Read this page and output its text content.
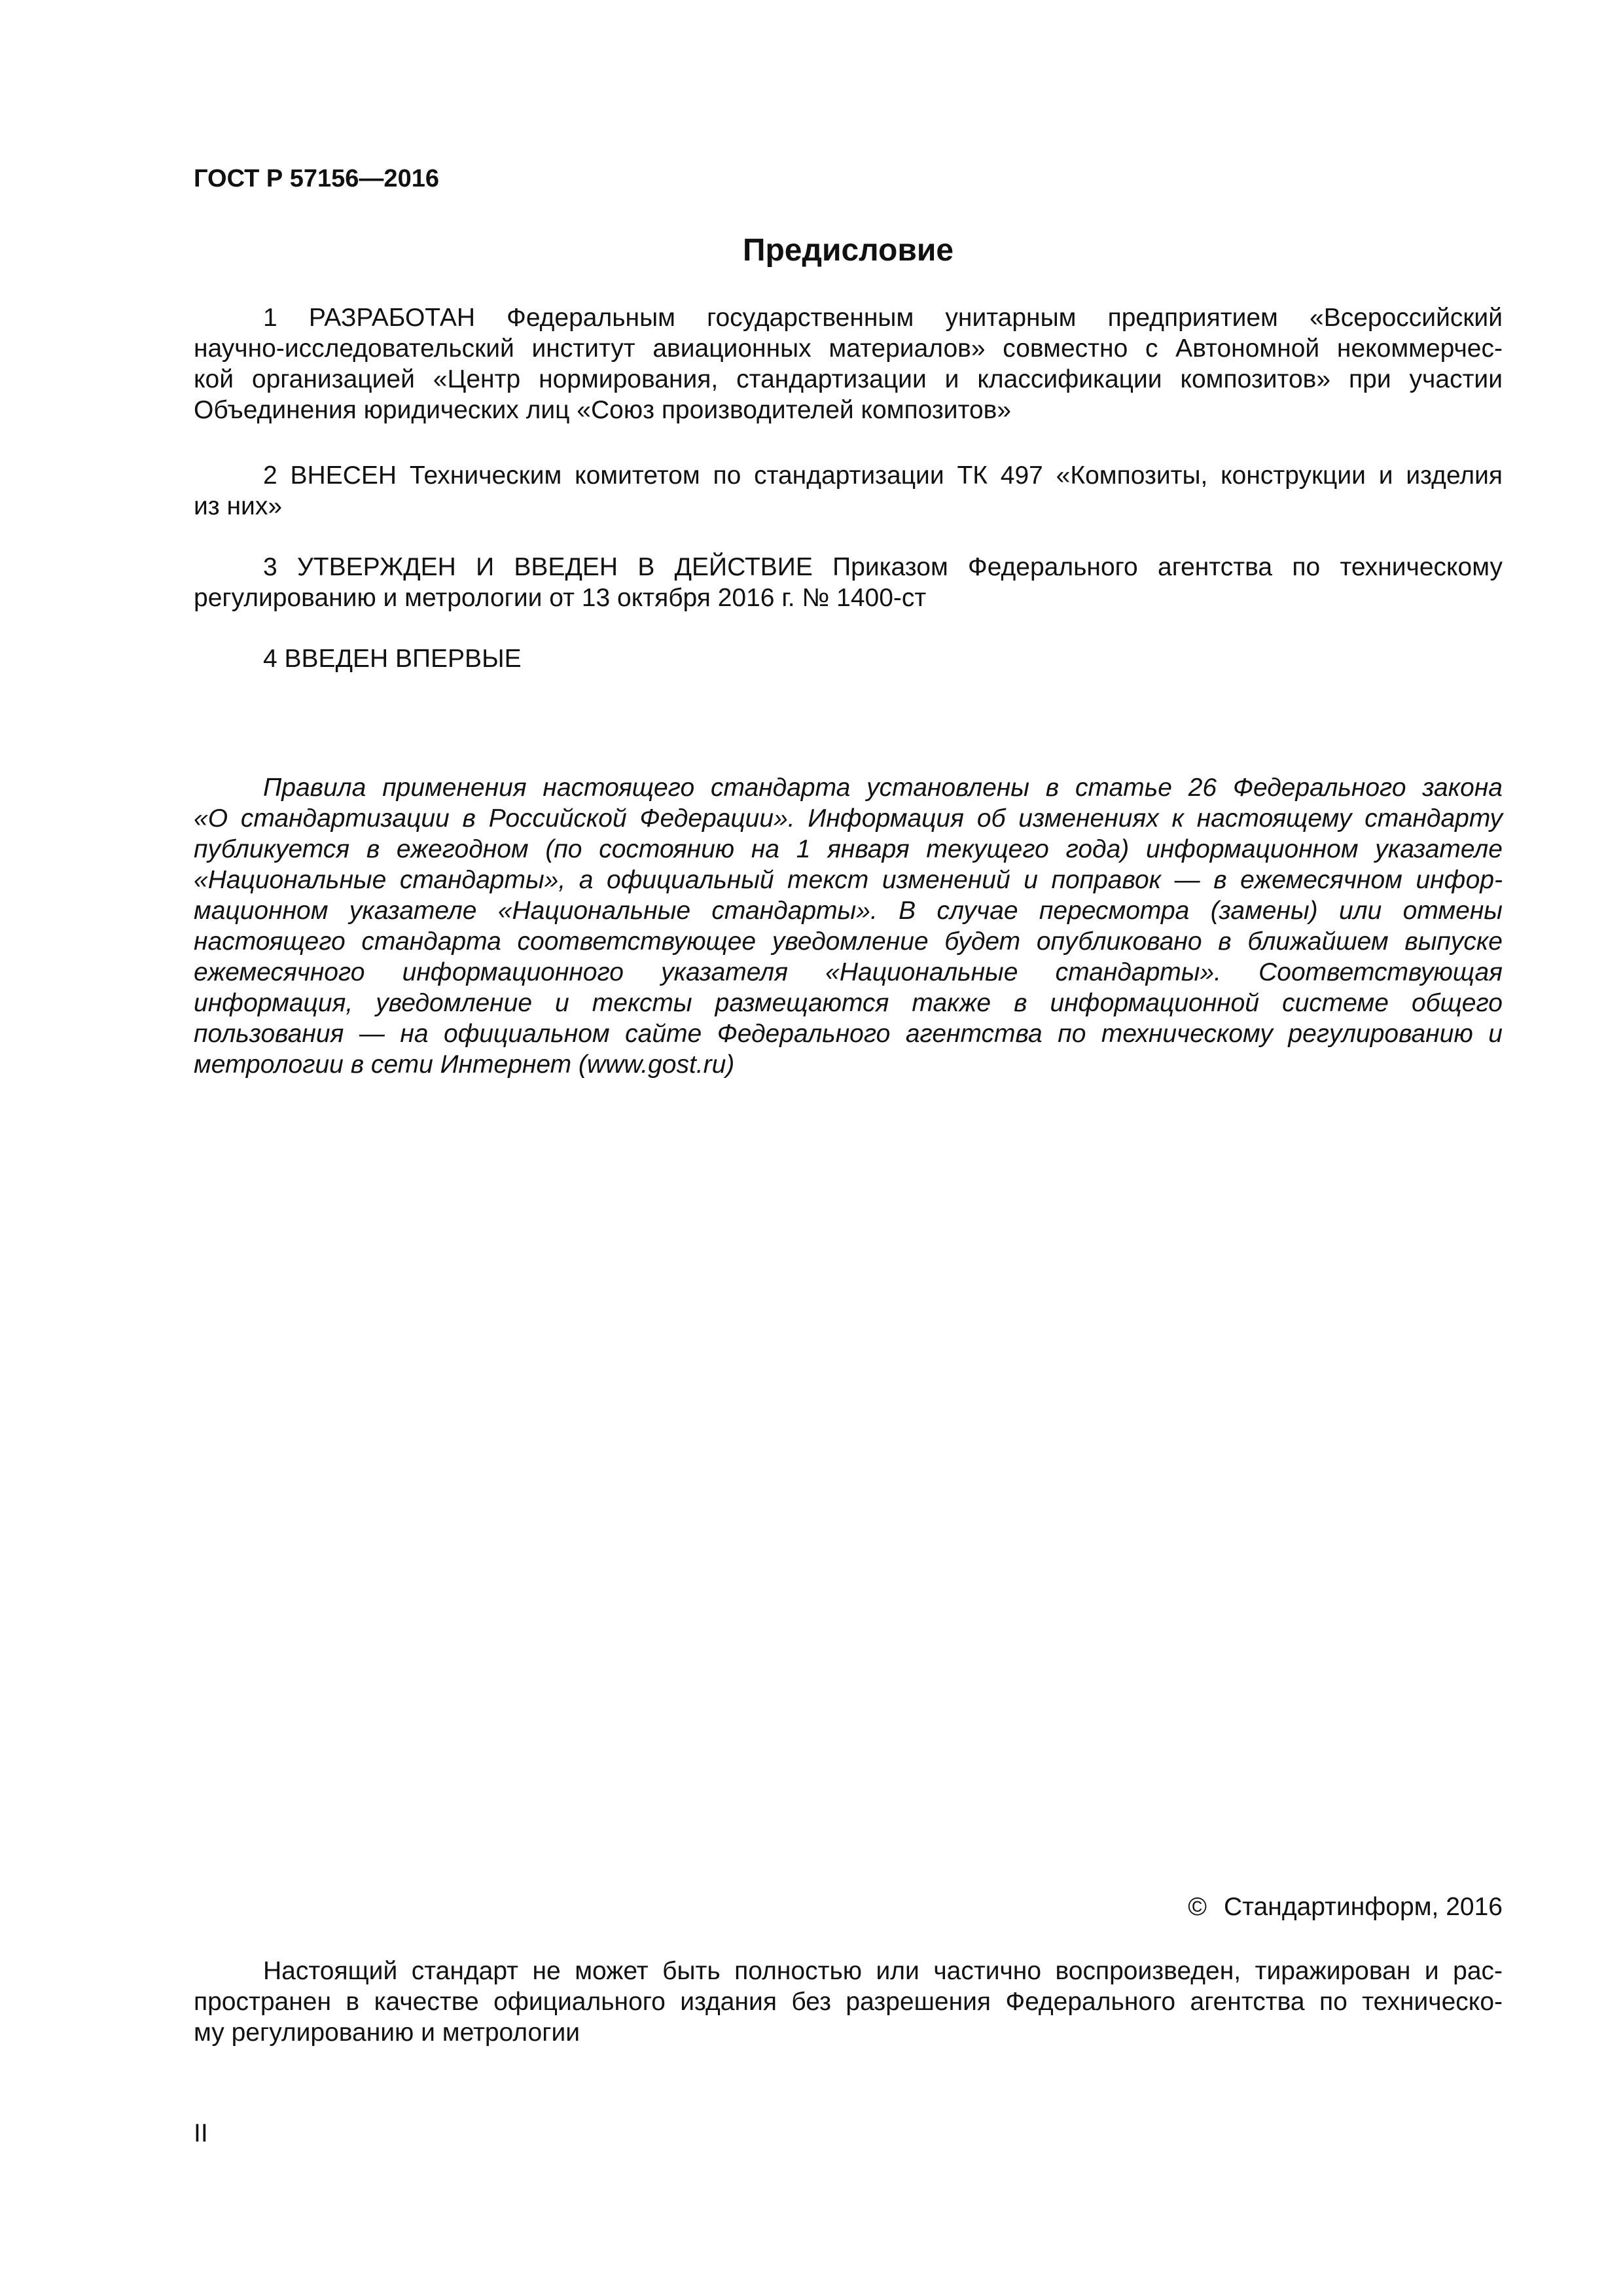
ГОСТ Р 57156—2016

Предисловие
1 РАЗРАБОТАН Федеральным государственным унитарным предприятием «Всероссийский
научно-исследовательский институт авиационных материалов» совместно с Автономной некоммерчес-
кой организацией «Центр нормирования, стандартизации и классификации композитов» при участии
Объединения юридических лиц «Союз производителей композитов»
2 ВНЕСЕН Техническим комитетом по стандартизации ТК 497 «Композиты, конструкции и изделия
из них»
3 УТВЕРЖДЕН И ВВЕДЕН В ДЕЙСТВИЕ Приказом Федерального агентства по техническому
регулированию и метрологии от 13 октября 2016 г. № 1400-ст
4 ВВЕДЕН ВПЕРВЫЕ
Правила применения настоящего стандарта установлены в статье 26 Федерального закона
«О стандартизации в Российской Федерации». Информация об изменениях к настоящему стандарту
публикуется в ежегодном (по состоянию на 1 января текущего года) информационном указателе
«Национальные стандарты», а официальный текст изменений и поправок — в ежемесячном инфор-
мационном указателе «Национальные стандарты». В случае пересмотра (замены) или отмены
настоящего стандарта соответствующее уведомление будет опубликовано в ближайшем выпуске
ежемесячного информационного указателя «Национальные стандарты». Соответствующая
информация, уведомление и тексты размещаются также в информационной системе общего
пользования — на официальном сайте Федерального агентства по техническому регулированию и
метрологии в сети Интернет (www.gost.ru)

© Стандартинформ, 2016

Настоящий стандарт не может быть полностью или частично воспроизведен, тиражирован и рас-
пространен в качестве официального издания без разрешения Федерального агентства по техническо-
му регулированию и метрологии

II
